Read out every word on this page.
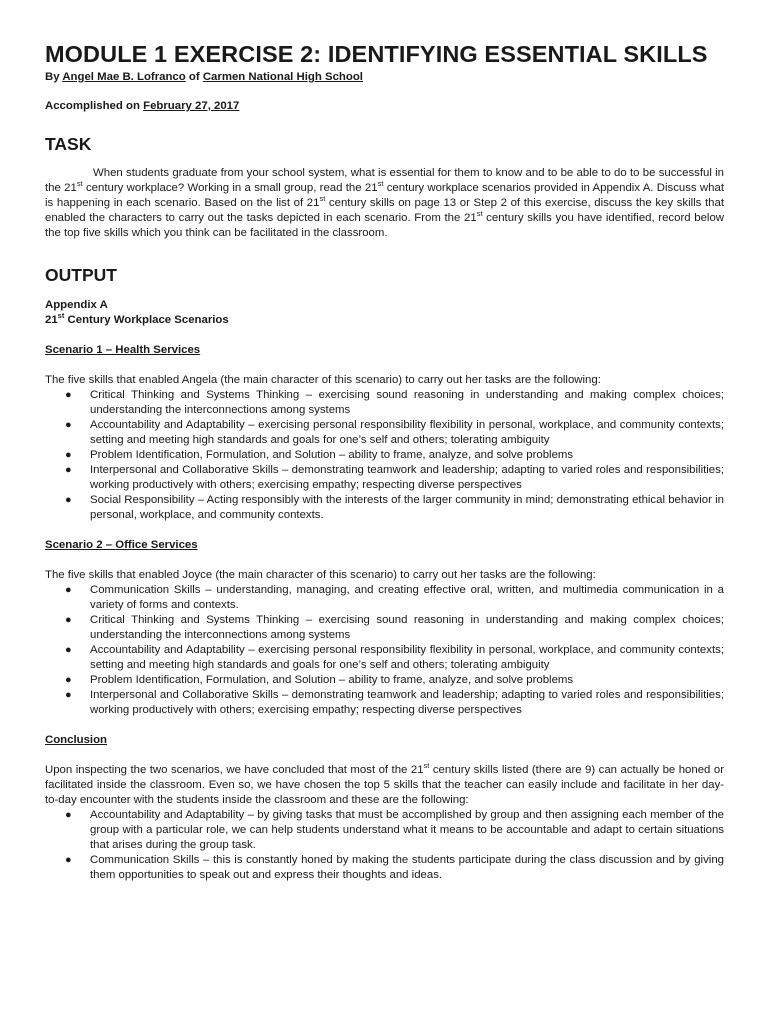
MODULE 1 EXERCISE 2: IDENTIFYING ESSENTIAL SKILLS
By Angel Mae B. Lofranco of Carmen National High School
Accomplished on February 27, 2017
TASK

When students graduate from your school system, what is essential for them to know and to be able to do to be successful in the 21st century workplace? Working in a small group, read the 21st century workplace scenarios provided in Appendix A. Discuss what is happening in each scenario. Based on the list of 21st century skills on page 13 or Step 2 of this exercise, discuss the key skills that enabled the characters to carry out the tasks depicted in each scenario. From the 21st century skills you have identified, record below the top five skills which you think can be facilitated in the classroom.

OUTPUT
Appendix A
21st Century Workplace Scenarios
Scenario 1 – Health Services

The five skills that enabled Angela (the main character of this scenario) to carry out her tasks are the following:

● Critical Thinking and Systems Thinking – exercising sound reasoning in understanding and making complex choices; understanding the interconnections among systems
● Accountability and Adaptability – exercising personal responsibility flexibility in personal, workplace, and community contexts; setting and meeting high standards and goals for one’s self and others; tolerating ambiguity
● Problem Identification, Formulation, and Solution – ability to frame, analyze, and solve problems
● Interpersonal and Collaborative Skills – demonstrating teamwork and leadership; adapting to varied roles and responsibilities; working productively with others; exercising empathy; respecting diverse perspectives
● Social Responsibility – Acting responsibly with the interests of the larger community in mind; demonstrating ethical behavior in personal, workplace, and community contexts.
Scenario 2 – Office Services

The five skills that enabled Joyce (the main character of this scenario) to carry out her tasks are the following:

● Communication Skills – understanding, managing, and creating effective oral, written, and multimedia communication in a variety of forms and contexts.
● Critical Thinking and Systems Thinking – exercising sound reasoning in understanding and making complex choices; understanding the interconnections among systems
● Accountability and Adaptability – exercising personal responsibility flexibility in personal, workplace, and community contexts; setting and meeting high standards and goals for one’s self and others; tolerating ambiguity
● Problem Identification, Formulation, and Solution – ability to frame, analyze, and solve problems
● Interpersonal and Collaborative Skills – demonstrating teamwork and leadership; adapting to varied roles and responsibilities; working productively with others; exercising empathy; respecting diverse perspectives
Conclusion

Upon inspecting the two scenarios, we have concluded that most of the 21st century skills listed (there are 9) can actually be honed or facilitated inside the classroom. Even so, we have chosen the top 5 skills that the teacher can easily include and facilitate in her day-to-day encounter with the students inside the classroom and these are the following:

● Accountability and Adaptability – by giving tasks that must be accomplished by group and then assigning each member of the group with a particular role, we can help students understand what it means to be accountable and adapt to certain situations that arises during the group task.
● Communication Skills – this is constantly honed by making the students participate during the class discussion and by giving them opportunities to speak out and express their thoughts and ideas.
